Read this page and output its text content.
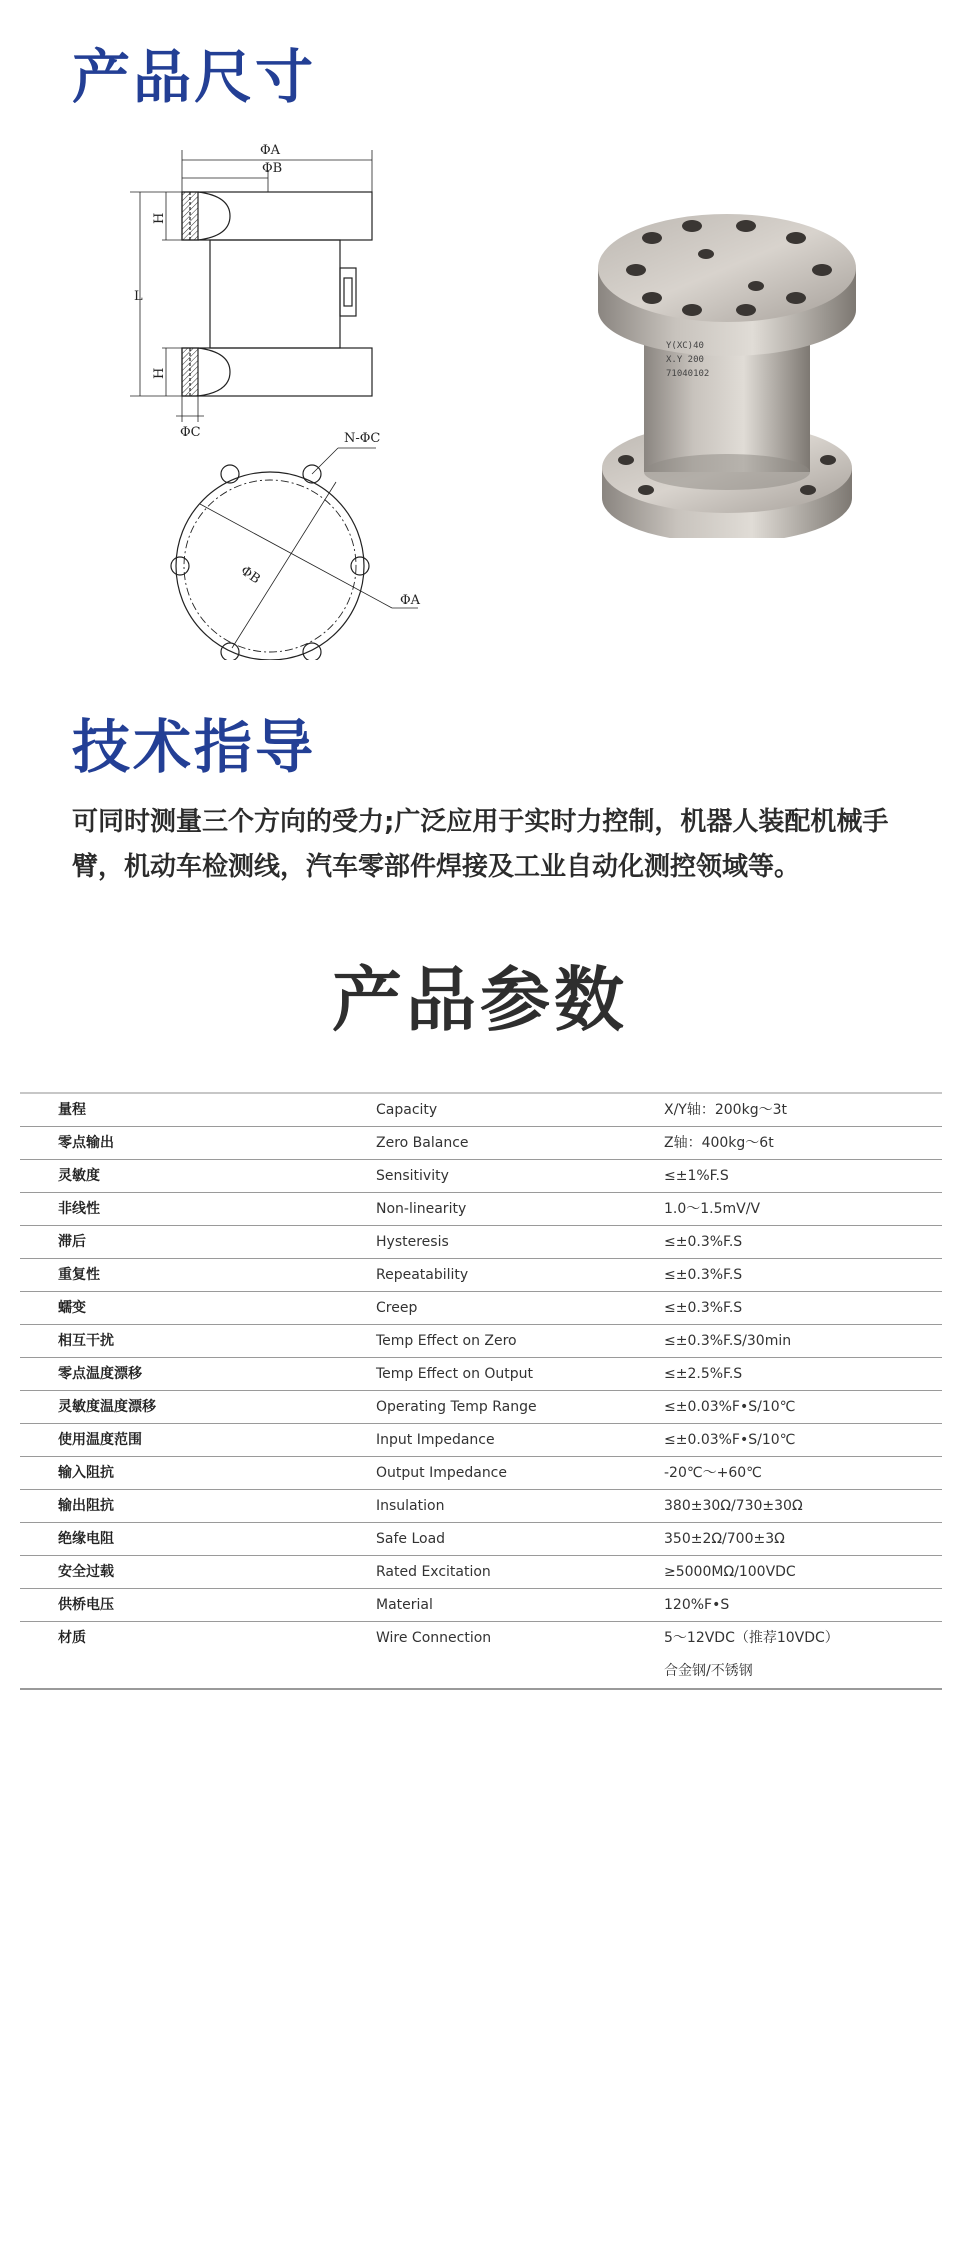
产品尺寸
ΦA
ΦB
L
H
H
ΦC	N-ΦC
ΦB
ΦA
Y(XC)40
X.Y 200
71040102
技术指导

可同时测量三个方向的受力;广泛应用于实时力控制，机器人装配机械手臂，机动车检测线，汽车零部件焊接及工业自动化测控领域等。

产品参数
量程	Capacity	X/Y轴：200kg～3t
零点输出	Zero Balance	Z轴：400kg～6t
灵敏度	Sensitivity	≤±1%F.S
非线性	Non-linearity	1.0～1.5mV/V
滞后	Hysteresis	≤±0.3%F.S
重复性	Repeatability	≤±0.3%F.S
蠕变	Creep	≤±0.3%F.S
相互干扰	Temp Effect on Zero	≤±0.3%F.S/30min
零点温度漂移	Temp Effect on Output	≤±2.5%F.S
灵敏度温度漂移	Operating Temp Range	≤±0.03%F•S/10℃
使用温度范围	Input Impedance	≤±0.03%F•S/10℃
输入阻抗	Output Impedance	-20℃～+60℃
输出阻抗	Insulation	380±30Ω/730±30Ω
绝缘电阻	Safe Load	350±2Ω/700±3Ω
安全过载	Rated Excitation	≥5000MΩ/100VDC
供桥电压	Material	120%F•S
材质	Wire Connection	5～12VDC（推荐10VDC）
合金钢/不锈钢
